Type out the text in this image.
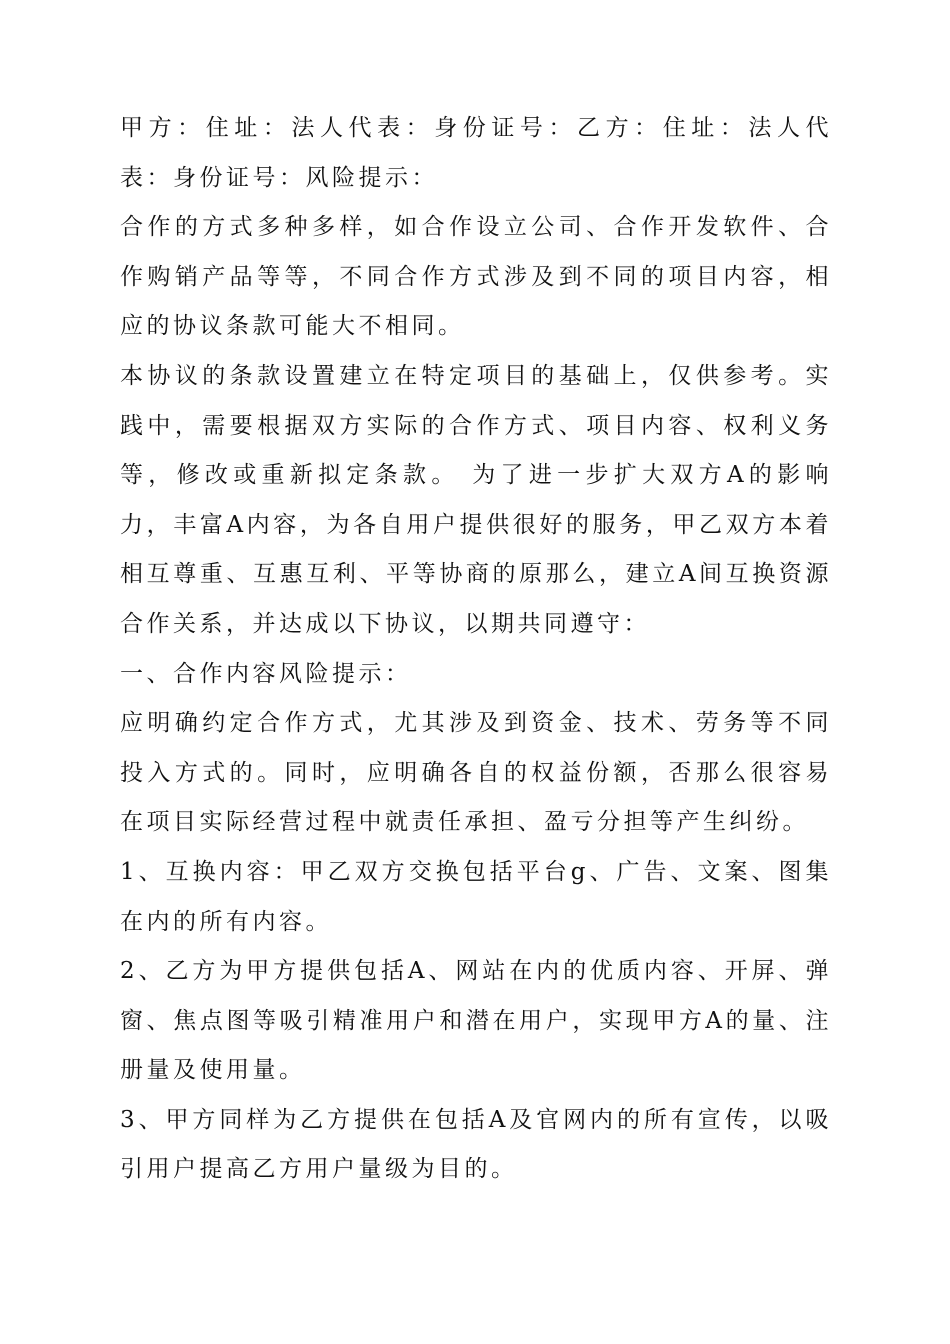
甲方：住址：法人代表：身份证号：乙方：住址：法人代表：身份证号：风险提示：

合作的方式多种多样，如合作设立公司、合作开发软件、合作购销产品等等，不同合作方式涉及到不同的项目内容，相应的协议条款可能大不相同。

本协议的条款设置建立在特定项目的基础上，仅供参考。实践中，需要根据双方实际的合作方式、项目内容、权利义务等，修改或重新拟定条款。 为了进一步扩大双方A的影响力，丰富A内容，为各自用户提供很好的服务，甲乙双方本着相互尊重、互惠互利、平等协商的原那么，建立A间互换资源合作关系，并达成以下协议，以期共同遵守：

一、合作内容风险提示：

应明确约定合作方式，尤其涉及到资金、技术、劳务等不同投入方式的。同时，应明确各自的权益份额，否那么很容易在项目实际经营过程中就责任承担、盈亏分担等产生纠纷。

1、互换内容：甲乙双方交换包括平台g、广告、文案、图集在内的所有内容。

2、乙方为甲方提供包括A、网站在内的优质内容、开屏、弹窗、焦点图等吸引精准用户和潜在用户，实现甲方A的量、注册量及使用量。

3、甲方同样为乙方提供在包括A及官网内的所有宣传，以吸引用户提高乙方用户量级为目的。
